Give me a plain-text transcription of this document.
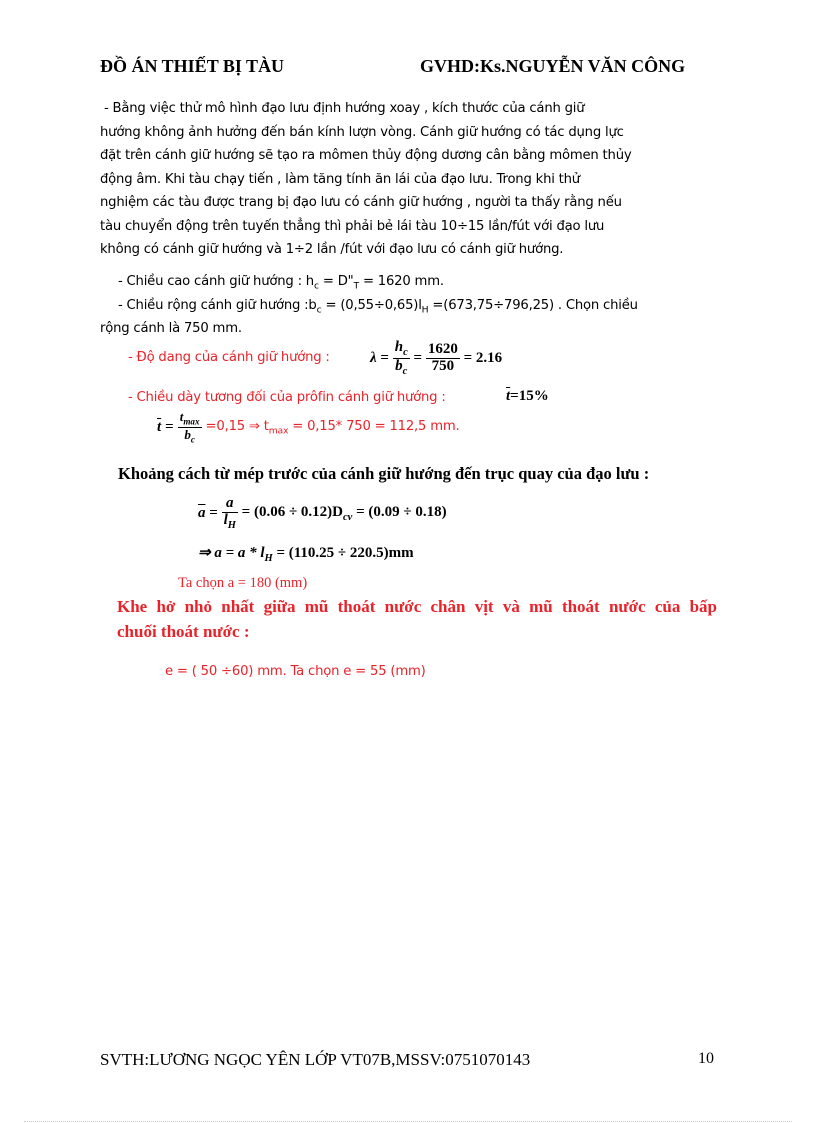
ĐỒ ÁN THIẾT BỊ TÀU	GVHD:Ks.NGUYỄN VĂN CÔNG
- Bằng việc thử mô hình đạo lưu định hướng xoay , kích thước của cánh giữ
hướng không ảnh hưởng đến bán kính lượn vòng. Cánh giữ hướng có tác dụng lực
đặt trên cánh giữ hướng sẽ tạo ra mômen thủy động dương cân bằng mômen thủy
động âm. Khi tàu chạy tiến , làm tăng tính ăn lái của đạo lưu. Trong khi thử
nghiệm các tàu được trang bị đạo lưu có cánh giữ hướng , người ta thấy rằng nếu
tàu chuyển động trên tuyến thẳng thì phải bẻ lái tàu 10÷15 lần/fút với đạo lưu
không có cánh giữ hướng và 1÷2 lần /fút với đạo lưu có cánh giữ hướng.
- Chiều cao cánh giữ hướng : $h_c$ = $D"_T = 1620$ mm.
- Chiều rộng cánh giữ hướng $:b_c = (0,55\div 0,65)l_H =(673,75\div 796,25)$ . Chọn chiều
rộng cánh là 750 mm.
- Độ dang của cánh giữ hướng :	$\lambda = \frac{h_c}{b_c} = \frac{1620}{750} = 2.16$
- Chiều dày tương đối của prôfin cánh giữ hướng :	$\overline{t}=15\%$
$\overline{t} = \frac{t_{max}}{b_c} =0,15$ ⇒ $t_{max} = 0,15*$ 750 = 112,5 mm.
Khoảng cách từ mép trước của cánh giữ hướng đến trục quay của đạo lưu :
$\overline{a} = \frac{a}{l_H} = (0.06 \div 0.12)D_{cv} = (0.09 \div 0.18)$
⇒ $a = a * l_H = (110.25 \div 220.5)mm$
Ta chọn a = 180 (mm)
Khe hở nhỏ nhất giữa mũ thoát nước chân vịt và mũ thoát nước của bấp
chuối thoát nước :
e = ( 50 ÷60) mm. Ta chọn e = 55 (mm)
SVTH:LƯƠNG NGỌC YÊN LỚP VT07B,MSSV:0751070143	10
